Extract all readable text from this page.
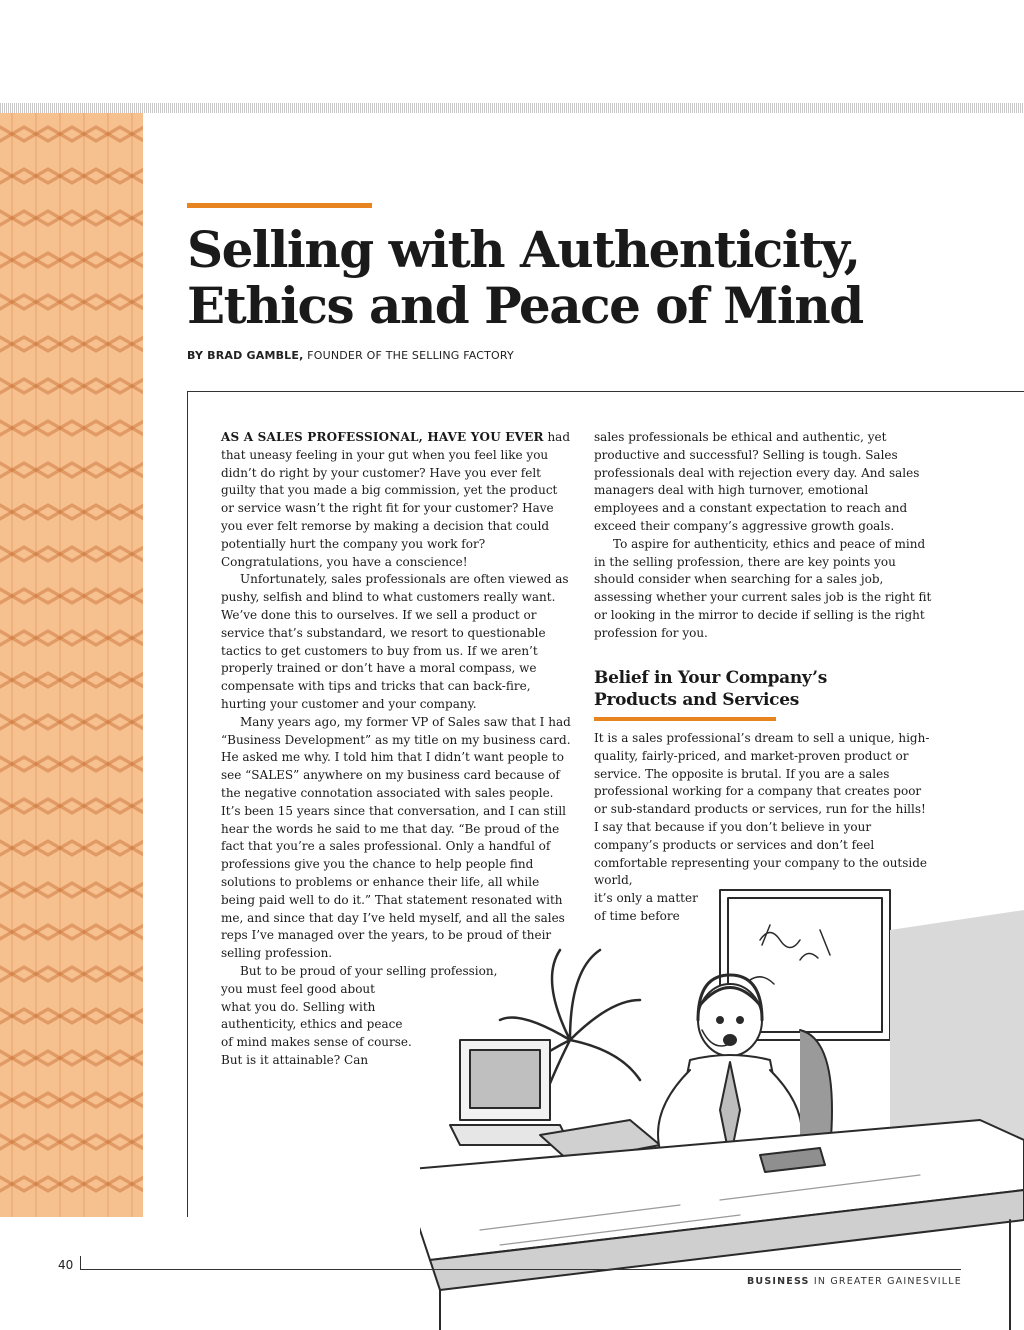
Selling with Authenticity,
Ethics and Peace of Mind

BY BRAD GAMBLE, FOUNDER OF THE SELLING FACTORY

AS A SALES PROFESSIONAL, HAVE YOU EVER had that uneasy feeling in your gut when you feel like you didn’t do right by your customer? Have you ever felt guilty that you made a big commission, yet the product or service wasn’t the right fit for your customer? Have you ever felt remorse by making a decision that could potentially hurt the company you work for? Congratulations, you have a conscience!

Unfortunately, sales professionals are often viewed as pushy, selfish and blind to what customers really want. We’ve done this to ourselves. If we sell a product or service that’s substandard, we resort to questionable tactics to get customers to buy from us. If we aren’t properly trained or don’t have a moral compass, we compensate with tips and tricks that can back-fire, hurting your customer and your company.

Many years ago, my former VP of Sales saw that I had “Business Development” as my title on my business card. He asked me why. I told him that I didn’t want people to see “SALES” anywhere on my business card because of the negative connotation associated with sales people. It’s been 15 years since that conversation, and I can still hear the words he said to me that day. “Be proud of the fact that you’re a sales professional. Only a handful of professions give you the chance to help people find solutions to problems or enhance their life, all while being paid well to do it.” That statement resonated with me, and since that day I’ve held myself, and all the sales reps I’ve managed over the years, to be proud of their selling profession.

But to be proud of your selling profession,

you must feel good about

what you do. Selling with

authenticity, ethics and peace

of mind makes sense of course.

But is it attainable? Can

sales professionals be ethical and authentic, yet productive and successful? Selling is tough. Sales professionals deal with rejection every day. And sales managers deal with high turnover, emotional employees and a constant expectation to reach and exceed their company’s aggressive growth goals.

To aspire for authenticity, ethics and peace of mind in the selling profession, there are key points you should consider when searching for a sales job, assessing whether your current sales job is the right fit or looking in the mirror to decide if selling is the right profession for you.

Belief in Your Company’s
Products and Services

It is a sales professional’s dream to sell a unique, high-quality, fairly-priced, and market-proven product or service. The opposite is brutal. If you are a sales professional working for a company that creates poor or sub-standard products or services, run for the hills! I say that because if you don’t believe in your company’s products or services and don’t feel comfortable representing your company to the outside world,

it’s only a matter

of time before

40
BUSINESS IN GREATER GAINESVILLE
